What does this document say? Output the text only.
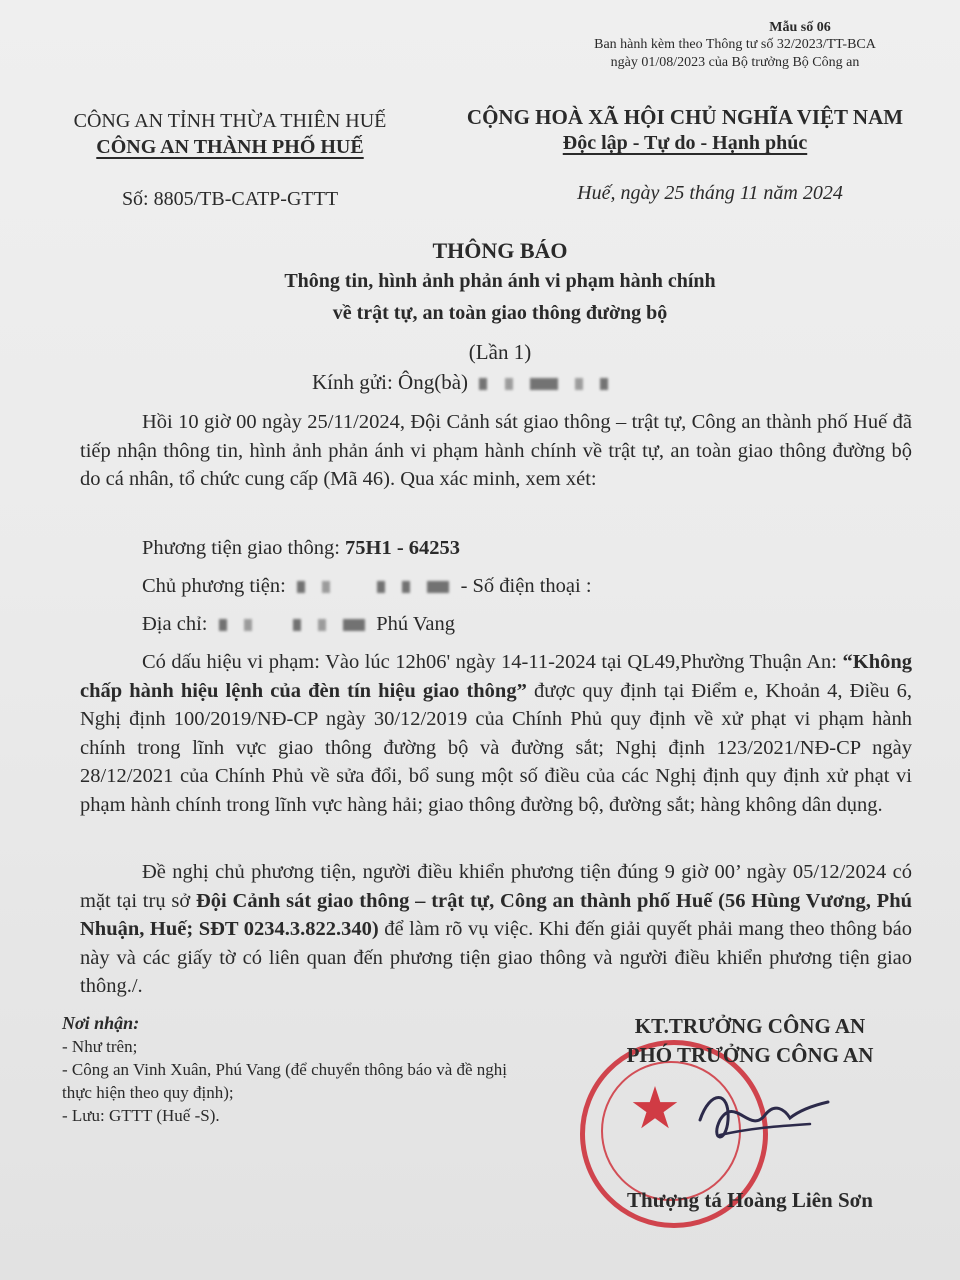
Mẫu số 06
Ban hành kèm theo Thông tư số 32/2023/TT-BCA
ngày 01/08/2023 của Bộ trưởng Bộ Công an
CÔNG AN TỈNH THỪA THIÊN HUẾ
CÔNG AN THÀNH PHỐ HUẾ
Số: 8805/TB-CATP-GTTT
CỘNG HOÀ XÃ HỘI CHỦ NGHĨA VIỆT NAM
Độc lập - Tự do - Hạnh phúc
Huế, ngày 25 tháng 11 năm 2024
THÔNG BÁO
Thông tin, hình ảnh phản ánh vi phạm hành chính
về trật tự, an toàn giao thông đường bộ
(Lần 1)
Kính gửi: Ông(bà)
Hồi 10 giờ 00 ngày 25/11/2024, Đội Cảnh sát giao thông – trật tự, Công an thành phố Huế đã tiếp nhận thông tin, hình ảnh phản ánh vi phạm hành chính về trật tự, an toàn giao thông đường bộ do cá nhân, tổ chức cung cấp (Mã 46). Qua xác minh, xem xét:
Phương tiện giao thông: 75H1 - 64253
Chủ phương tiện:	- Số điện thoại :
Địa chỉ:	Phú Vang
Có dấu hiệu vi phạm: Vào lúc 12h06' ngày 14-11-2024 tại QL49,Phường Thuận An: “Không chấp hành hiệu lệnh của đèn tín hiệu giao thông” được quy định tại Điểm e, Khoản 4, Điều 6, Nghị định 100/2019/NĐ-CP ngày 30/12/2019 của Chính Phủ quy định về xử phạt vi phạm hành chính trong lĩnh vực giao thông đường bộ và đường sắt; Nghị định 123/2021/NĐ-CP ngày 28/12/2021 của Chính Phủ về sửa đổi, bổ sung một số điều của các Nghị định quy định xử phạt vi phạm hành chính trong lĩnh vực hàng hải; giao thông đường bộ, đường sắt; hàng không dân dụng.
Đề nghị chủ phương tiện, người điều khiển phương tiện đúng 9 giờ 00’ ngày 05/12/2024 có mặt tại trụ sở Đội Cảnh sát giao thông – trật tự, Công an thành phố Huế (56 Hùng Vương, Phú Nhuận, Huế; SĐT 0234.3.822.340) để làm rõ vụ việc. Khi đến giải quyết phải mang theo thông báo này và các giấy tờ có liên quan đến phương tiện giao thông và người điều khiển phương tiện giao thông./.
Nơi nhận:
- Như trên;
- Công an Vinh Xuân, Phú Vang (để chuyển thông báo và đề nghị thực hiện theo quy định);
- Lưu: GTTT (Huế -S).	★
KT.TRƯỞNG CÔNG AN
PHÓ TRƯỞNG CÔNG AN
Thượng tá Hoàng Liên Sơn
